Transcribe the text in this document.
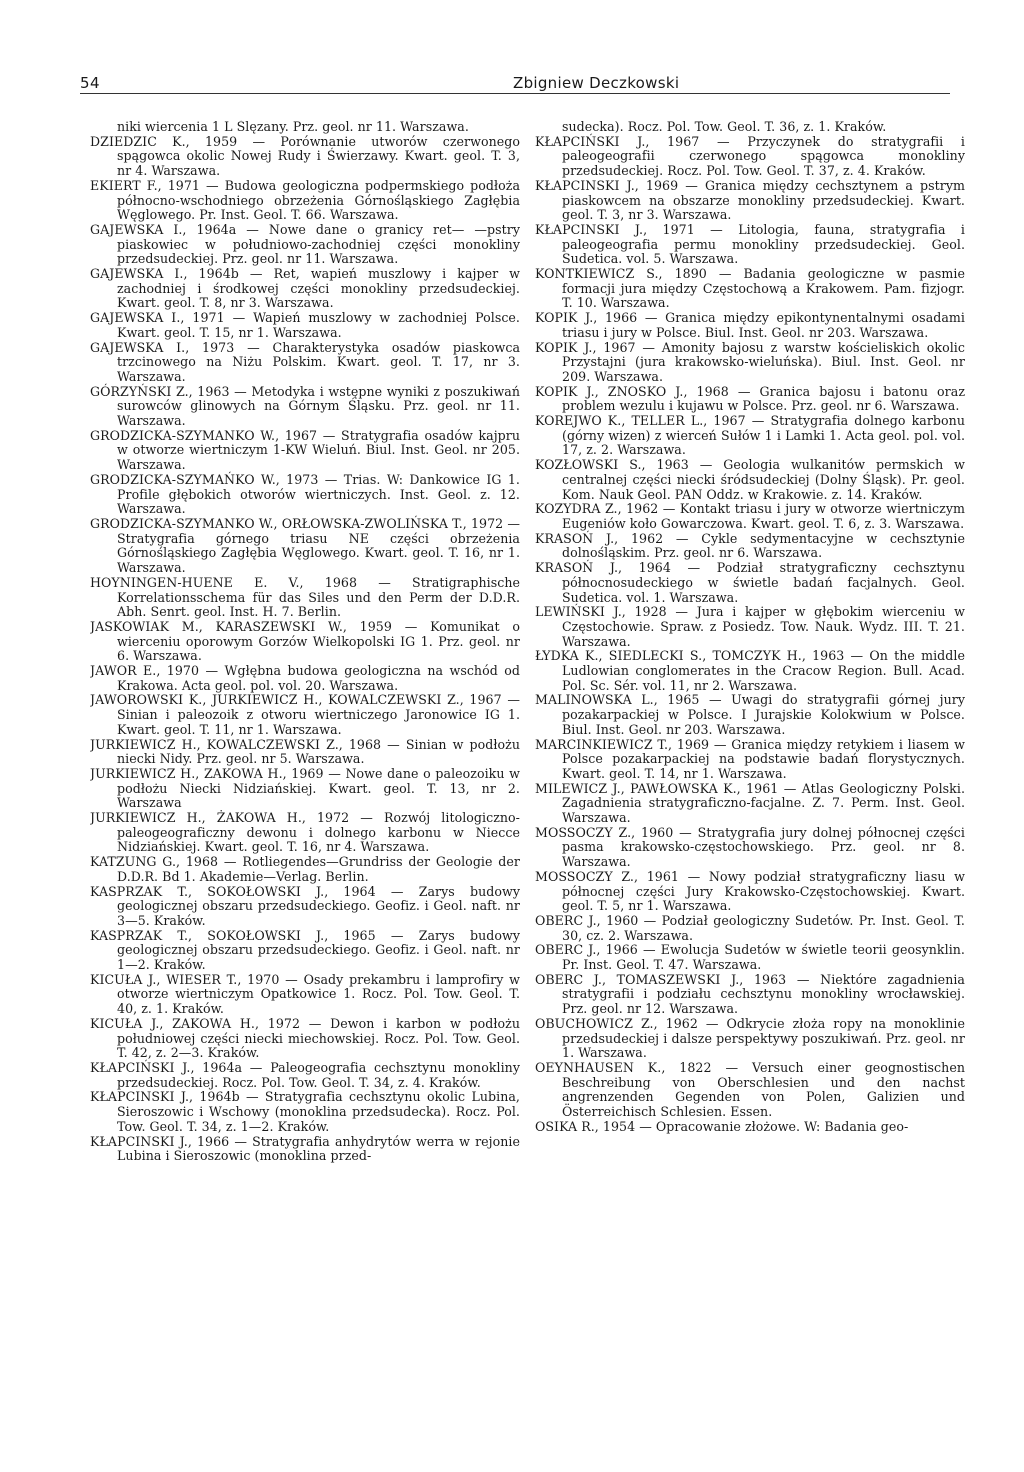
54	Zbigniew Deczkowski
niki wiercenia 1 L Ślęzany. Prz. geol. nr 11. Warszawa.
DZIEDZIC K., 1959 — Porównanie utworów czerwonego spągowca okolic Nowej Rudy i Świerzawy. Kwart. geol. T. 3, nr 4. Warszawa.
EKIERT F., 1971 — Budowa geologiczna podpermskiego podłoża północno-wschodniego obrzeżenia Górnośląskiego Zagłębia Węglowego. Pr. Inst. Geol. T. 66. Warszawa.
GAJEWSKA I., 1964a — Nowe dane o granicy ret— —pstry piaskowiec w południowo-zachodniej części monokliny przedsudeckiej. Prz. geol. nr 11. Warszawa.
GAJEWSKA I., 1964b — Ret, wapień muszlowy i kajper w zachodniej i środkowej części monokliny przedsudeckiej. Kwart. geol. T. 8, nr 3. Warszawa.
GAJEWSKA I., 1971 — Wapień muszlowy w zachodniej Polsce. Kwart. geol. T. 15, nr 1. Warszawa.
GAJEWSKA I., 1973 — Charakterystyka osadów piaskowca trzcinowego na Niżu Polskim. Kwart. geol. T. 17, nr 3. Warszawa.
GÓRZYŃSKI Z., 1963 — Metodyka i wstępne wyniki z poszukiwań surowców glinowych na Górnym Śląsku. Prz. geol. nr 11. Warszawa.
GRODZICKA-SZYMANKO W., 1967 — Stratygrafia osadów kajpru w otworze wiertniczym 1-KW Wieluń. Biul. Inst. Geol. nr 205. Warszawa.
GRODZICKA-SZYMAŃKO W., 1973 — Trias. W: Dankowice IG 1. Profile głębokich otworów wiertniczych. Inst. Geol. z. 12. Warszawa.
GRODZICKA-SZYMANKO W., ORŁOWSKA-ZWOLIŃSKA T., 1972 — Stratygrafia górnego triasu NE części obrzeżenia Górnośląskiego Zagłębia Węglowego. Kwart. geol. T. 16, nr 1. Warszawa.
HOYNINGEN-HUENE E. V., 1968 — Stratigraphische Korrelationsschema für das Siles und den Perm der D.D.R. Abh. Senrt. geol. Inst. H. 7. Berlin.
JASKOWIAK M., KARASZEWSKI W., 1959 — Komunikat o wierceniu oporowym Gorzów Wielkopolski IG 1. Prz. geol. nr 6. Warszawa.
JAWOR E., 1970 — Wgłębna budowa geologiczna na wschód od Krakowa. Acta geol. pol. vol. 20. Warszawa.
JAWOROWSKI K., JURKIEWICZ H., KOWALCZEWSKI Z., 1967 — Sinian i paleozoik z otworu wiertniczego Jaronowice IG 1. Kwart. geol. T. 11, nr 1. Warszawa.
JURKIEWICZ H., KOWALCZEWSKI Z., 1968 — Sinian w podłożu niecki Nidy. Prz. geol. nr 5. Warszawa.
JURKIEWICZ H., ZAKOWA H., 1969 — Nowe dane o paleozoiku w podłożu Niecki Nidziańskiej. Kwart. geol. T. 13, nr 2. Warszawa
JURKIEWICZ H., ŻAKOWA H., 1972 — Rozwój litologiczno-paleogeograficzny dewonu i dolnego karbonu w Niecce Nidziańskiej. Kwart. geol. T. 16, nr 4. Warszawa.
KATZUNG G., 1968 — Rotliegendes—Grundriss der Geologie der D.D.R. Bd 1. Akademie—Verlag. Berlin.
KASPRZAK T., SOKOŁOWSKI J., 1964 — Zarys budowy geologicznej obszaru przedsudeckiego. Geofiz. i Geol. naft. nr 3—5. Kraków.
KASPRZAK T., SOKOŁOWSKI J., 1965 — Zarys budowy geologicznej obszaru przedsudeckiego. Geofiz. i Geol. naft. nr 1—2. Kraków.
KICUŁA J., WIESER T., 1970 — Osady prekambru i lamprofiry w otworze wiertniczym Opatkowice 1. Rocz. Pol. Tow. Geol. T. 40, z. 1. Kraków.
KICUŁA J., ZAKOWA H., 1972 — Dewon i karbon w podłożu południowej części niecki miechowskiej. Rocz. Pol. Tow. Geol. T. 42, z. 2—3. Kraków.
KŁAPCIŃSKI J., 1964a — Paleogeografia cechsztynu monokliny przedsudeckiej. Rocz. Pol. Tow. Geol. T. 34, z. 4. Kraków.
KŁAPCINSKI J., 1964b — Stratygrafia cechsztynu okolic Lubina, Sieroszowic i Wschowy (monoklina przedsudecka). Rocz. Pol. Tow. Geol. T. 34, z. 1—2. Kraków.
KŁAPCINSKI J., 1966 — Stratygrafia anhydrytów werra w rejonie Lubina i Sieroszowic (monoklina przed-
sudecka). Rocz. Pol. Tow. Geol. T. 36, z. 1. Kraków.
KŁAPCIŃSKI J., 1967 — Przyczynek do stratygrafii i paleogeografii czerwonego spągowca monokliny przedsudeckiej. Rocz. Pol. Tow. Geol. T. 37, z. 4. Kraków.
KŁAPCINSKI J., 1969 — Granica między cechsztynem a pstrym piaskowcem na obszarze monokliny przedsudeckiej. Kwart. geol. T. 3, nr 3. Warszawa.
KŁAPCINSKI J., 1971 — Litologia, fauna, stratygrafia i paleogeografia permu monokliny przedsudeckiej. Geol. Sudetica. vol. 5. Warszawa.
KONTKIEWICZ S., 1890 — Badania geologiczne w pasmie formacji jura między Częstochową a Krakowem. Pam. fizjogr. T. 10. Warszawa.
KOPIK J., 1966 — Granica między epikontynentalnymi osadami triasu i jury w Polsce. Biul. Inst. Geol. nr 203. Warszawa.
KOPIK J., 1967 — Amonity bajosu z warstw kościeliskich okolic Przystajni (jura krakowsko-wieluńska). Biul. Inst. Geol. nr 209. Warszawa.
KOPIK J., ZNOSKO J., 1968 — Granica bajosu i batonu oraz problem wezulu i kujawu w Polsce. Prz. geol. nr 6. Warszawa.
KOREJWO K., TELLER L., 1967 — Stratygrafia dolnego karbonu (górny wizen) z wierceń Sułów 1 i Lamki 1. Acta geol. pol. vol. 17, z. 2. Warszawa.
KOZŁOWSKI S., 1963 — Geologia wulkanitów permskich w centralnej części niecki śródsudeckiej (Dolny Śląsk). Pr. geol. Kom. Nauk Geol. PAN Oddz. w Krakowie. z. 14. Kraków.
KOZYDRA Z., 1962 — Kontakt triasu i jury w otworze wiertniczym Eugeniów koło Gowarczowa. Kwart. geol. T. 6, z. 3. Warszawa.
KRASOŃ J., 1962 — Cykle sedymentacyjne w cechsztynie dolnośląskim. Prz. geol. nr 6. Warszawa.
KRASOŃ J., 1964 — Podział stratygraficzny cechsztynu północnosudeckiego w świetle badań facjalnych. Geol. Sudetica. vol. 1. Warszawa.
LEWIŃSKI J., 1928 — Jura i kajper w głębokim wierceniu w Częstochowie. Spraw. z Posiedz. Tow. Nauk. Wydz. III. T. 21. Warszawa.
ŁYDKA K., SIEDLECKI S., TOMCZYK H., 1963 — On the middle Ludlowian conglomerates in the Cracow Region. Bull. Acad. Pol. Sc. Sér. vol. 11, nr 2. Warszawa.
MALINOWSKA L., 1965 — Uwagi do stratygrafii górnej jury pozakarpackiej w Polsce. I Jurajskie Kolokwium w Polsce. Biul. Inst. Geol. nr 203. Warszawa.
MARCINKIEWICZ T., 1969 — Granica między retykiem i liasem w Polsce pozakarpackiej na podstawie badań florystycznych. Kwart. geol. T. 14, nr 1. Warszawa.
MILEWICZ J., PAWŁOWSKA K., 1961 — Atlas Geologiczny Polski. Zagadnienia stratygraficzno-facjalne. Z. 7. Perm. Inst. Geol. Warszawa.
MOSSOCZY Z., 1960 — Stratygrafia jury dolnej północnej części pasma krakowsko-częstochowskiego. Prz. geol. nr 8. Warszawa.
MOSSOCZY Z., 1961 — Nowy podział stratygraficzny liasu w północnej części Jury Krakowsko-Częstochowskiej. Kwart. geol. T. 5, nr 1. Warszawa.
OBERC J., 1960 — Podział geologiczny Sudetów. Pr. Inst. Geol. T. 30, cz. 2. Warszawa.
OBERC J., 1966 — Ewolucja Sudetów w świetle teorii geosynklin. Pr. Inst. Geol. T. 47. Warszawa.
OBERC J., TOMASZEWSKI J., 1963 — Niektóre zagadnienia stratygrafii i podziału cechsztynu monokliny wrocławskiej. Prz. geol. nr 12. Warszawa.
OBUCHOWICZ Z., 1962 — Odkrycie złoża ropy na monoklinie przedsudeckiej i dalsze perspektywy poszukiwań. Prz. geol. nr 1. Warszawa.
OEYNHAUSEN K., 1822 — Versuch einer geognostischen Beschreibung von Oberschlesien und den nachst angrenzenden Gegenden von Polen, Galizien und Österreichisch Schlesien. Essen.
OSIKA R., 1954 — Opracowanie złożowe. W: Badania geo-
